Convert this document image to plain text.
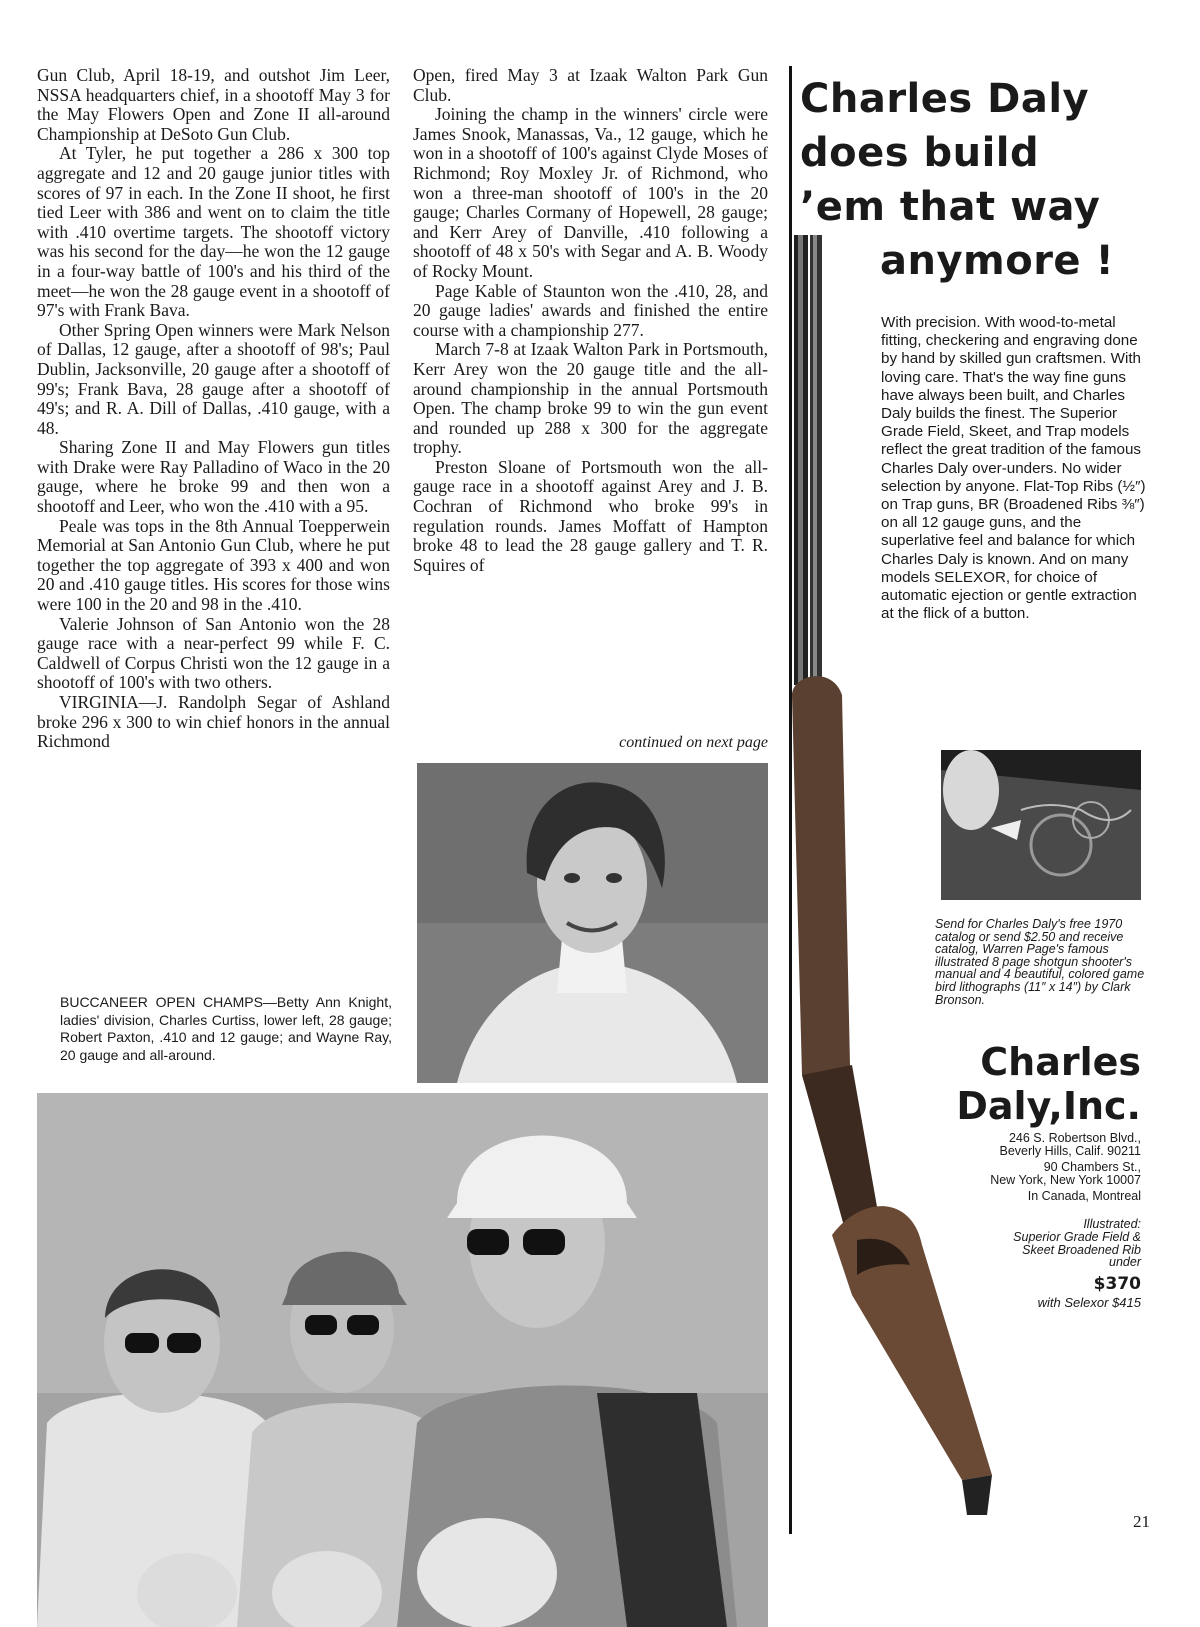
Gun Club, April 18-19, and outshot Jim Leer, NSSA headquarters chief, in a shootoff May 3 for the May Flowers Open and Zone II all-around Championship at DeSoto Gun Club.

At Tyler, he put together a 286 x 300 top aggregate and 12 and 20 gauge junior titles with scores of 97 in each. In the Zone II shoot, he first tied Leer with 386 and went on to claim the title with .410 overtime targets. The shootoff victory was his second for the day—he won the 12 gauge in a four-way battle of 100's and his third of the meet—he won the 28 gauge event in a shootoff of 97's with Frank Bava.

Other Spring Open winners were Mark Nelson of Dallas, 12 gauge, after a shootoff of 98's; Paul Dublin, Jacksonville, 20 gauge after a shootoff of 99's; Frank Bava, 28 gauge after a shootoff of 49's; and R. A. Dill of Dallas, .410 gauge, with a 48.

Sharing Zone II and May Flowers gun titles with Drake were Ray Palladino of Waco in the 20 gauge, where he broke 99 and then won a shootoff and Leer, who won the .410 with a 95.

Peale was tops in the 8th Annual Toepperwein Memorial at San Antonio Gun Club, where he put together the top aggregate of 393 x 400 and won 20 and .410 gauge titles. His scores for those wins were 100 in the 20 and 98 in the .410.

Valerie Johnson of San Antonio won the 28 gauge race with a near-perfect 99 while F. C. Caldwell of Corpus Christi won the 12 gauge in a shootoff of 100's with two others.

VIRGINIA—J. Randolph Segar of Ashland broke 296 x 300 to win chief honors in the annual Richmond

Open, fired May 3 at Izaak Walton Park Gun Club.

Joining the champ in the winners' circle were James Snook, Manassas, Va., 12 gauge, which he won in a shootoff of 100's against Clyde Moses of Richmond; Roy Moxley Jr. of Richmond, who won a three-man shootoff of 100's in the 20 gauge; Charles Cormany of Hopewell, 28 gauge; and Kerr Arey of Danville, .410 following a shootoff of 48 x 50's with Segar and A. B. Woody of Rocky Mount.

Page Kable of Staunton won the .410, 28, and 20 gauge ladies' awards and finished the entire course with a championship 277.

March 7-8 at Izaak Walton Park in Portsmouth, Kerr Arey won the 20 gauge title and the all-around championship in the annual Portsmouth Open. The champ broke 99 to win the gun event and rounded up 288 x 300 for the aggregate trophy.

Preston Sloane of Portsmouth won the all-gauge race in a shootoff against Arey and J. B. Cochran of Richmond who broke 99's in regulation rounds. James Moffatt of Hampton broke 48 to lead the 28 gauge gallery and T. R. Squires of

continued on next page
BUCCANEER OPEN CHAMPS—Betty Ann Knight, ladies' division, Charles Curtiss, lower left, 28 gauge; Robert Paxton, .410 and 12 gauge; and Wayne Ray, 20 gauge and all-around.
Charles Daly
does build
’em that way
anymore !
With precision. With wood-to-metal fitting, checkering and engraving done by hand by skilled gun craftsmen. With loving care. That's the way fine guns have always been built, and Charles Daly builds the finest. The Superior Grade Field, Skeet, and Trap models reflect the great tradition of the famous Charles Daly over-unders. No wider selection by anyone. Flat-Top Ribs (½″) on Trap guns, BR (Broadened Ribs ⅜″) on all 12 gauge guns, and the superlative feel and balance for which Charles Daly is known. And on many models SELEXOR, for choice of automatic ejection or gentle extraction at the flick of a button.
Send for Charles Daly's free 1970 catalog or send $2.50 and receive catalog, Warren Page's famous illustrated 8 page shotgun shooter's manual and 4 beautiful, colored game bird lithographs (11″ x 14″) by Clark Bronson.
Charles
Daly,Inc.
246 S. Robertson Blvd.,
Beverly Hills, Calif. 90211
90 Chambers St.,
New York, New York 10007
In Canada, Montreal
Illustrated:
Superior Grade Field &
Skeet Broadened Rib
under
$370
with Selexor $415
21
